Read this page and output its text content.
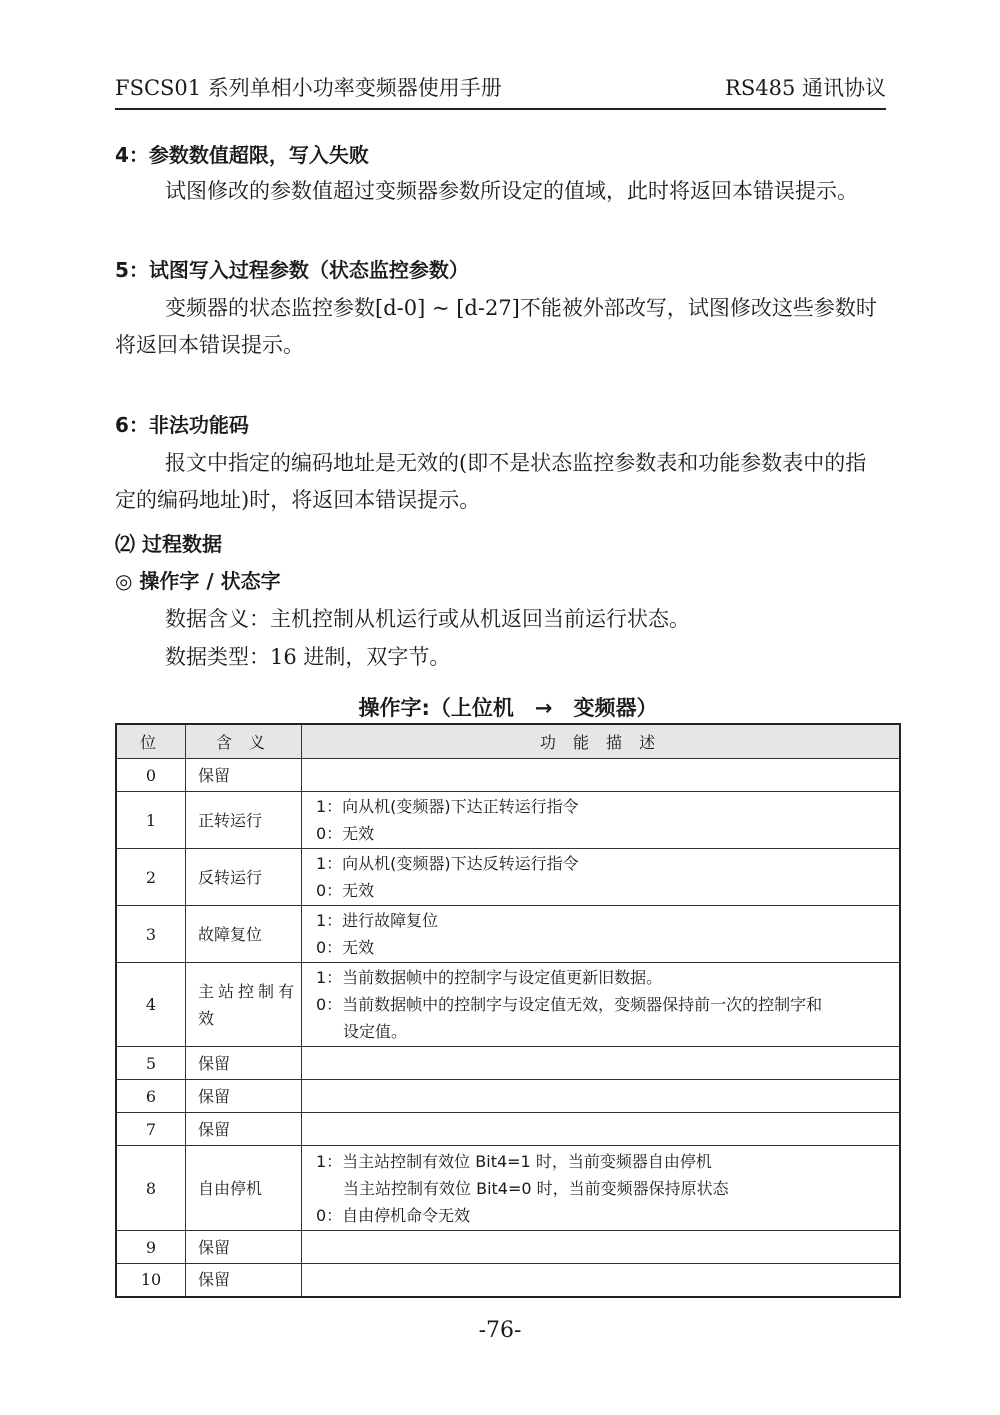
FSCS01 系列单相小功率变频器使用手册	RS485 通讯协议
4：参数数值超限，写入失败
试图修改的参数值超过变频器参数所设定的值域，此时将返回本错误提示。
5：试图写入过程参数（状态监控参数）
变频器的状态监控参数[d-0] ~ [d-27]不能被外部改写，试图修改这些参数时将返回本错误提示。
6：非法功能码
报文中指定的编码地址是无效的(即不是状态监控参数表和功能参数表中的指定的编码地址)时，将返回本错误提示。
⑵ 过程数据
◎ 操作字 / 状态字
数据含义：主机控制从机运行或从机返回当前运行状态。
数据类型：16 进制，双字节。
操作字:（上位机　→　变频器）
位	含 义	功 能 描 述
0	保留	
1	正转运行	1：向从机(变频器)下达正转运行指令
0：无效

2	反转运行	1：向从机(变频器)下达反转运行指令
0：无效

3	故障复位	1：进行故障复位
0：无效

4	主站控制有效	1：当前数据帧中的控制字与设定值更新旧数据。
0：当前数据帧中的控制字与设定值无效，变频器保持前一次的控制字和
设定值。

5	保留	
6	保留	
7	保留	
8	自由停机	1：当主站控制有效位 Bit4=1 时，当前变频器自由停机
当主站控制有效位 Bit4=0 时，当前变频器保持原状态
0：自由停机命令无效

9	保留	
10	保留	
-76-
